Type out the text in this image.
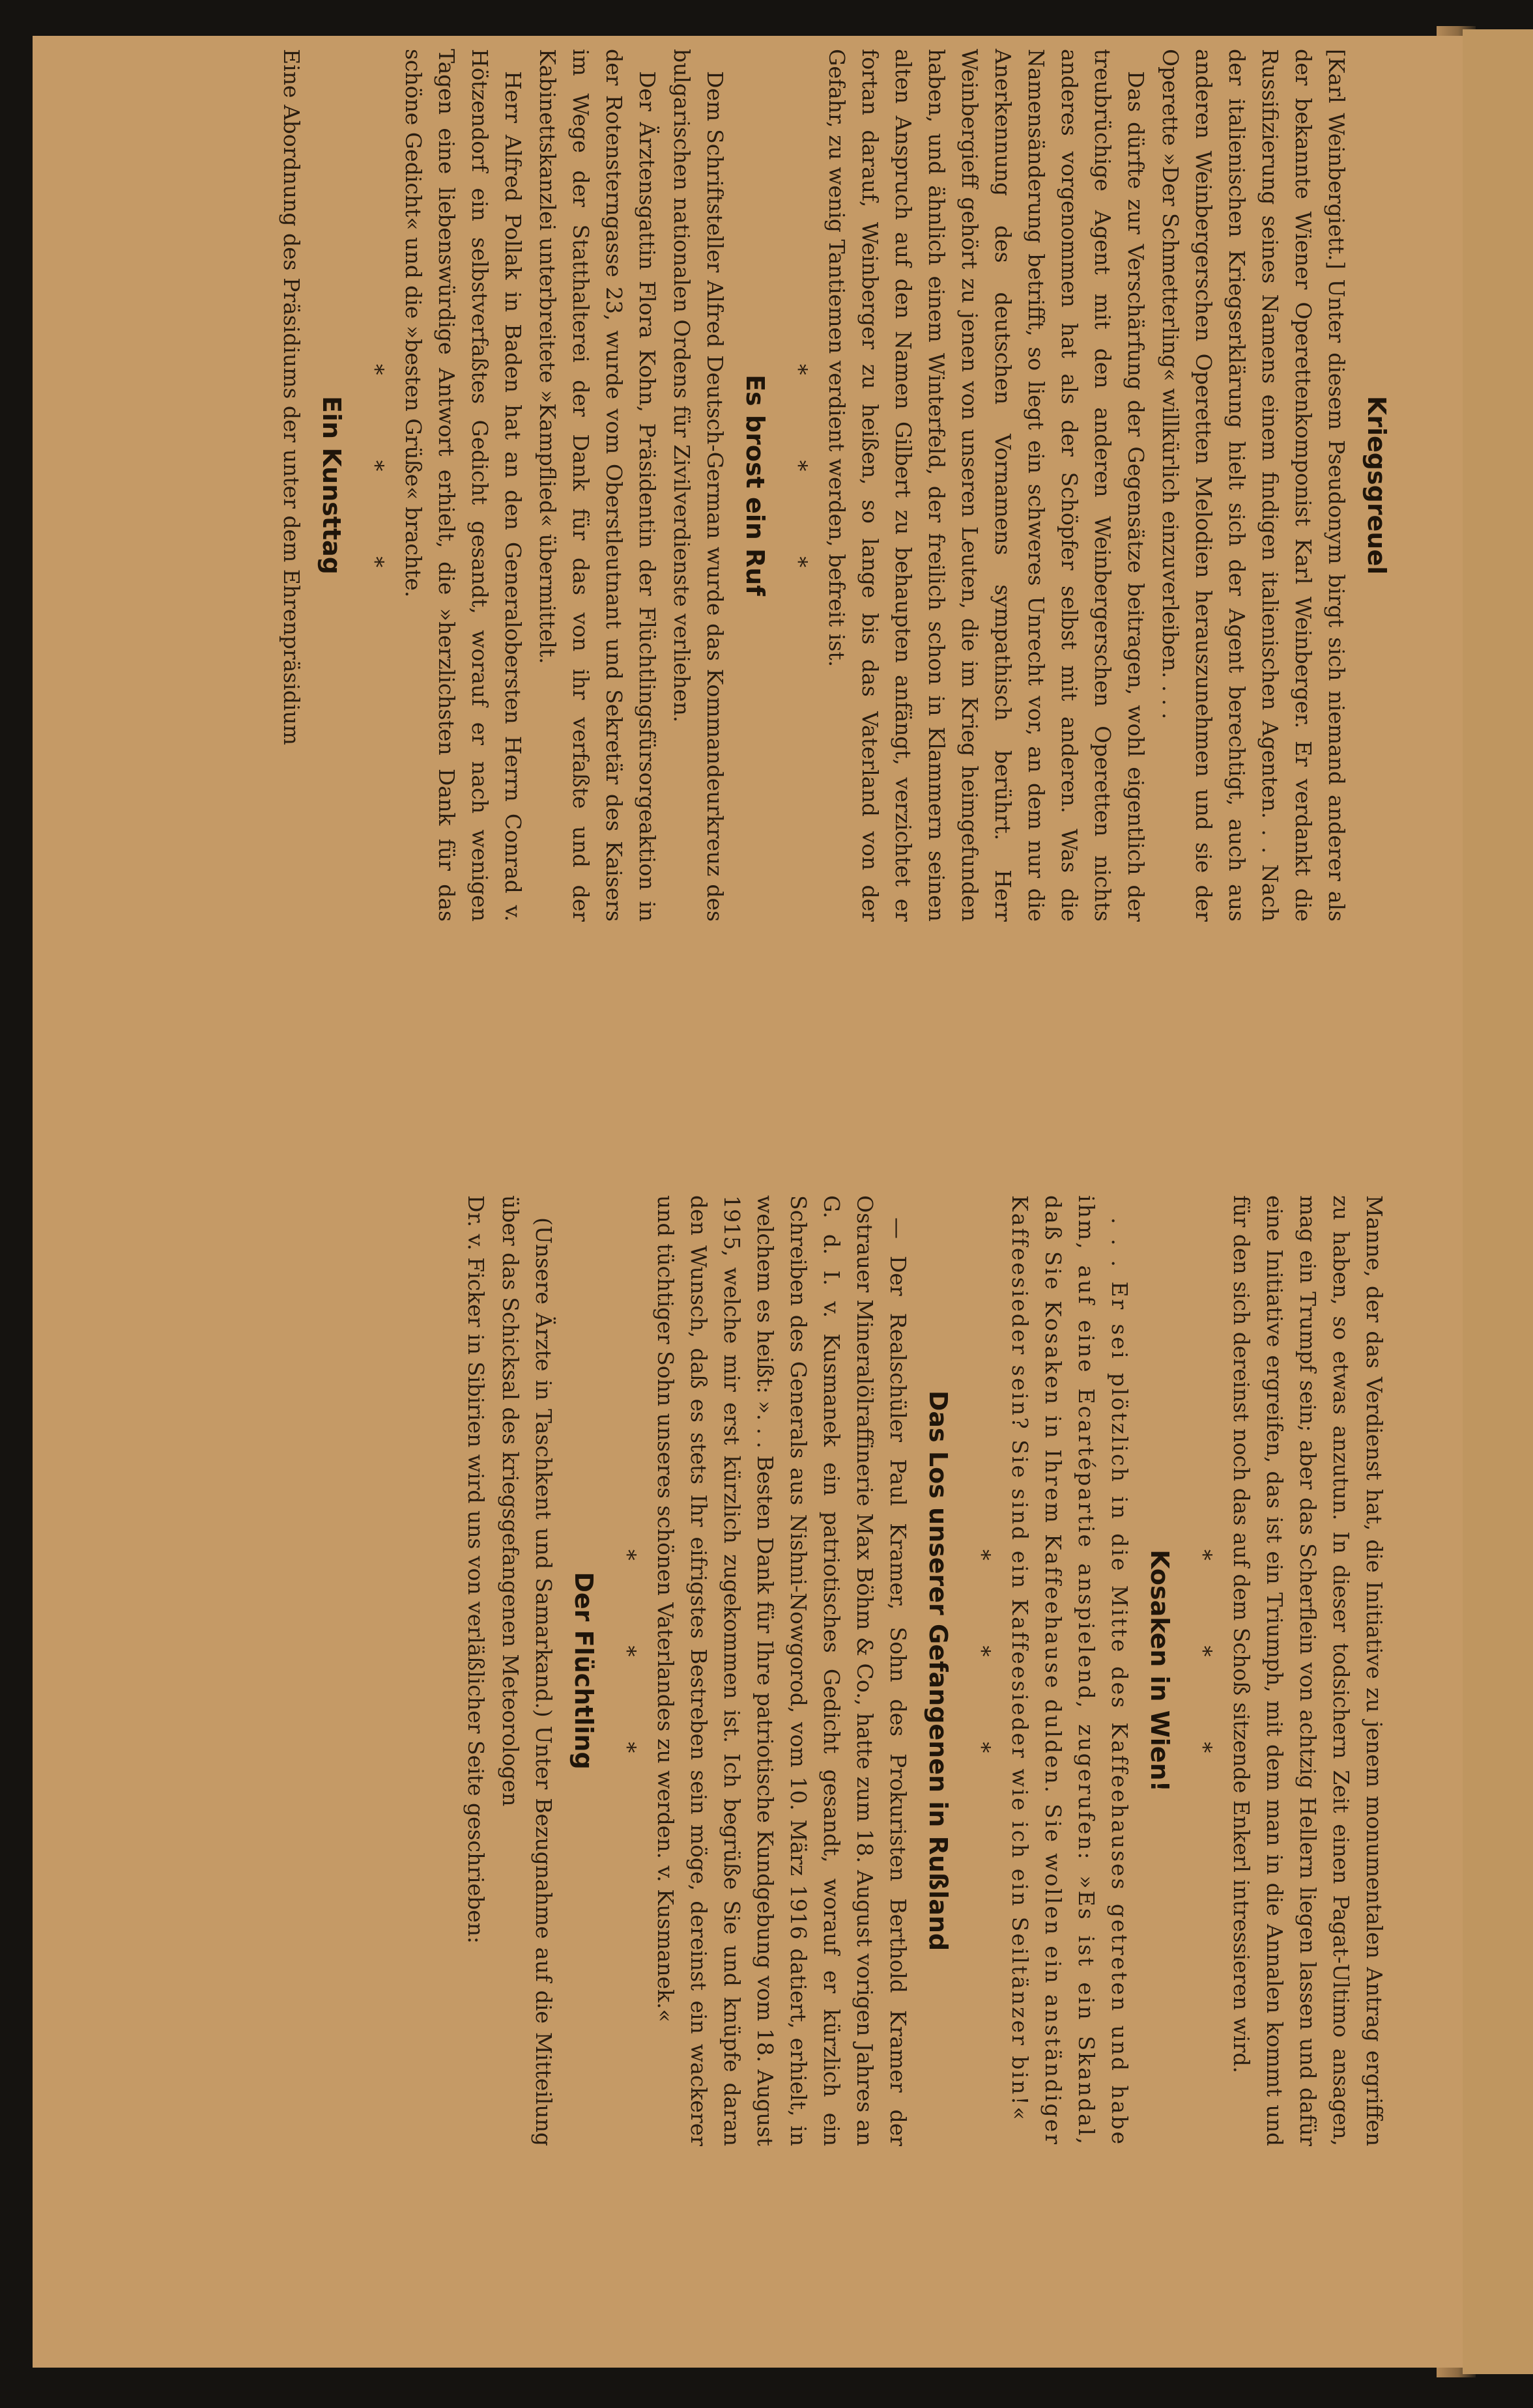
Kriegsgreuel

[Karl Weinbergiett.] Unter diesem Pseudonym birgt sich niemand anderer als der bekannte Wiener Operettenkomponist Karl Weinberger. Er verdankt die Russifizierung seines Namens einem findigen italienischen Agenten. . . Nach der italienischen Kriegserklärung hielt sich der Agent berechtigt, auch aus anderen Weinbergerschen Operetten Melodien herauszunehmen und sie der Operette »Der Schmetterling« willkürlich einzuverleiben. . . .

Das dürfte zur Verschärfung der Gegensätze beitragen, wohl eigentlich der treubrüchige Agent mit den anderen Weinbergerschen Operetten nichts anderes vorgenommen hat als der Schöpfer selbst mit anderen. Was die Namensänderung betrifft, so liegt ein schweres Unrecht vor, an dem nur die Anerkennung des deutschen Vornamens sympathisch berührt. Herr Weinbergieff gehört zu jenen von unseren Leuten, die im Krieg heimgefunden haben, und ähnlich einem Winterfeld, der freilich schon in Klammern seinen alten Anspruch auf den Namen Gilbert zu behaupten anfängt, verzichtet er fortan darauf, Weinberger zu heißen, so lange bis das Vaterland von der Gefahr, zu wenig Tantiemen verdient werden, befreit ist.

* * *
Es brost ein Ruf

Dem Schriftsteller Alfred Deutsch-German wurde das Kommandeurkreuz des bulgarischen nationalen Ordens für Zivilverdienste verliehen.

Der Ärztensgattin Flora Kohn, Präsidentin der Flüchtlingsfürsorgeaktion in der Rotensterngasse 23, wurde vom Oberstleutnant und Sekretär des Kaisers im Wege der Statthalterei der Dank für das von ihr verfaßte und der Kabinettskanzlei unterbreitete »Kampflied« übermittelt.

Herr Alfred Pollak in Baden hat an den Generalobersten Herrn Conrad v. Hötzendorf ein selbstverfaßtes Gedicht gesandt, worauf er nach wenigen Tagen eine liebenswürdige Antwort erhielt, die »herzlichsten Dank für das schöne Gedicht« und die »besten Grüße« brachte.

* * *
Ein Kunsttag
Eine Abordnung des Präsidiums der unter dem Ehrenpräsidium

Manne, der das Verdienst hat, die Initiative zu jenem monumentalen Antrag ergriffen zu haben, so etwas anzutun. In dieser todsichern Zeit einen Pagat-Ultimo ansagen, mag ein Trumpf sein; aber das Scherflein von achtzig Hellern liegen lassen und dafür eine Initiative ergreifen, das ist ein Triumph, mit dem man in die Annalen kommt und für den sich dereinst noch das auf dem Schoß sitzende Enkerl intressieren wird.

* * *
Kosaken in Wien!

. . . Er sei plötzlich in die Mitte des Kaffeehauses getreten und habe ihm, auf eine Ecartépartie anspielend, zugerufen: »Es ist ein Skandal, daß Sie Kosaken in Ihrem Kaffeehause dulden. Sie wollen ein anständiger Kaffeesieder sein? Sie sind ein Kaffeesieder wie ich ein Seiltänzer bin!«

* * *
Das Los unserer Gefangenen in Rußland

— Der Realschüler Paul Kramer, Sohn des Prokuristen Berthold Kramer der Ostrauer Mineralölraffinerie Max Böhm & Co., hatte zum 18. August vorigen Jahres an G. d. I. v. Kusmanek ein patriotisches Gedicht gesandt, worauf er kürzlich ein Schreiben des Generals aus Nishni-Nowgorod, vom 10. März 1916 datiert, erhielt, in welchem es heißt: ». . . Besten Dank für Ihre patriotische Kundgebung vom 18. August 1915, welche mir erst kürzlich zugekommen ist. Ich begrüße Sie und knüpfe daran den Wunsch, daß es stets Ihr eifrigstes Bestreben sein möge, dereinst ein wackerer und tüchtiger Sohn unseres schönen Vaterlandes zu werden. v. Kusmanek.«

* * *
Der Flüchtling

(Unsere Ärzte in Taschkent und Samarkand.) Unter Bezugnahme auf die Mitteilung über das Schicksal des kriegsgefangenen Meteorologen

Dr. v. Ficker in Sibirien wird uns von verläßlicher Seite geschrieben:
